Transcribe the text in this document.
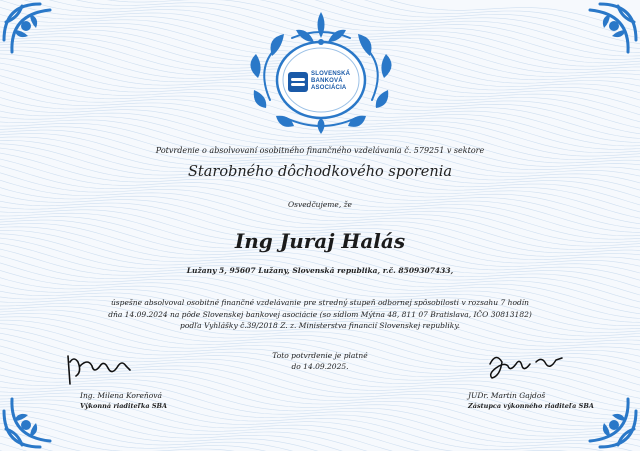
SLOVENSKÁ
BANKOVÁ
ASOCIÁCIA
Potvrdenie o absolvovaní osobitného finančného vzdelávania č. 579251 v sektore
Starobného dôchodkového sporenia
Osvedčujeme, že
Ing Juraj Halás
Lužany 5, 95607 Lužany, Slovenská republika, r.č. 8509307433,
úspešne absolvoval osobitné finančné vzdelávanie pre stredný stupeň odbornej spôsobilosti v rozsahu 7 hodín
dňa 14.09.2024 na pôde Slovenskej bankovej asociácie (so sídlom Mýtna 48, 811 07 Bratislava, IČO 30813182)
podľa Vyhlášky č.39/2018 Z. z. Ministerstva financií Slovenskej republiky.
Toto potvrdenie je platné
do 14.09.2025.
Ing. Milena Koreňová
Výkonná riaditeľka SBA
JUDr. Martin Gajdoš
Zástupca výkonného riaditeľa SBA
